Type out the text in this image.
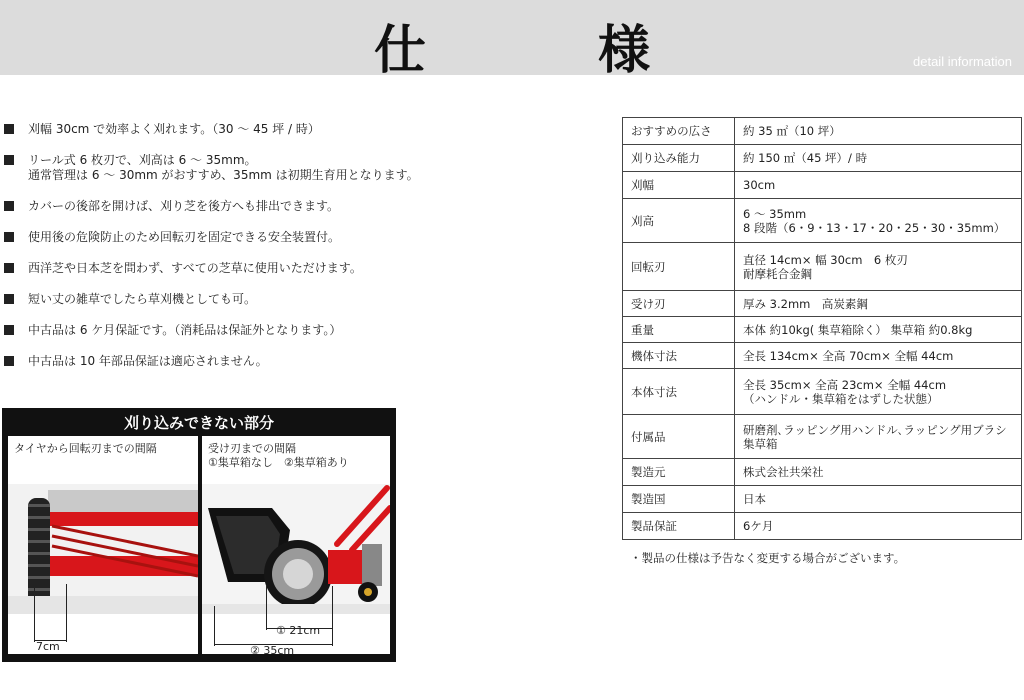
仕　様	detail information
刈幅 30cm で効率よく刈れます。（30 ～ 45 坪 / 時）
リール式 6 枚刃で、刈高は 6 ～ 35mm。
通常管理は 6 ～ 30mm がおすすめ、35mm は初期生育用となります。
カバーの後部を開けば、刈り芝を後方へも排出できます。
使用後の危険防止のため回転刃を固定できる安全装置付。
西洋芝や日本芝を問わず、すべての芝草に使用いただけます。
短い丈の雑草でしたら草刈機としても可。
中古品は 6 ケ月保証です。（消耗品は保証外となります。）
中古品は 10 年部品保証は適応されません。
刈り込みできない部分
タイヤから回転刃までの間隔
7cm
受け刃までの間隔
①集草箱なし　②集草箱あり
① 21cm
② 35cm
おすすめの広さ	約 35 ㎡（10 坪）

刈り込み能力	約 150 ㎡（45 坪）/ 時

刈幅	30cm

刈高	6 ～ 35mm
8 段階（6・9・13・17・20・25・30・35mm）

回転刃	直径 14cm× 幅 30cm　6 枚刃
耐摩耗合金鋼

受け刃	厚み 3.2mm　高炭素鋼

重量	本体 約10kg( 集草箱除く） 集草箱 約0.8kg

機体寸法	全長 134cm× 全高 70cm× 全幅 44cm

本体寸法	全長 35cm× 全高 23cm× 全幅 44cm
（ハンドル・集草箱をはずした状態）

付属品	研磨剤､ラッピング用ハンドル､ラッピング用ブラシ
集草箱

製造元	株式会社共栄社

製造国	日本

製品保証	6ケ月
・製品の仕様は予告なく変更する場合がございます。
